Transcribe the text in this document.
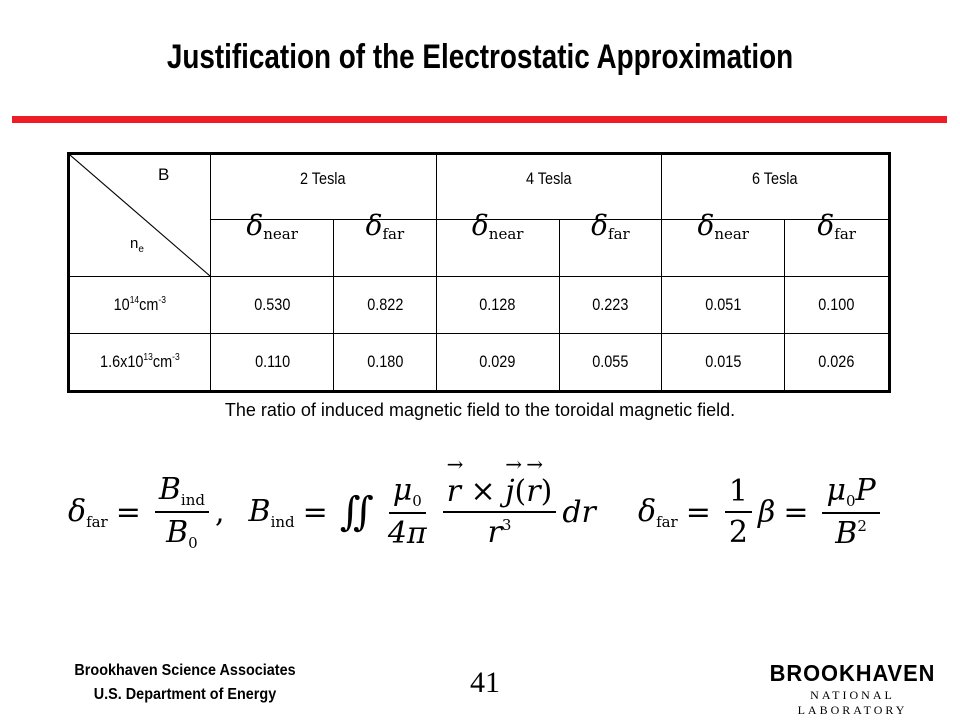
Justification of the Electrostatic Approximation
B
$n_e$	2 Tesla		4 Tesla		6 Tesla	
	$\delta_{near}$	$\delta_{far}$	$\delta_{near}$	$\delta_{far}$	$\delta_{near}$	$\delta_{far}$
$10^{14}cm^{-3}$	0.530	0.822	0.128	0.223	0.051	0.100
$1.6x10^{13}cm^{-3}$	0.110	0.180	0.029	0.055	0.015	0.026
The ratio of induced magnetic field to the toroidal magnetic field.
$\delta_{far} = \frac{B_{ind}}{B_0}$ , $B_{ind}$ = ∬ $\frac{\mu_0}{4\pi} \to \frac{r \times \to j(\to r)}{r^3}$ dr $\delta_{far} = \frac{1}{2}$ $\beta = \frac{\mu_0P}{B^2}$
Brookhaven Science Associates
U.S. Department of Energy	41	BROOKHAVEN
NATIONAL LABORATORY
